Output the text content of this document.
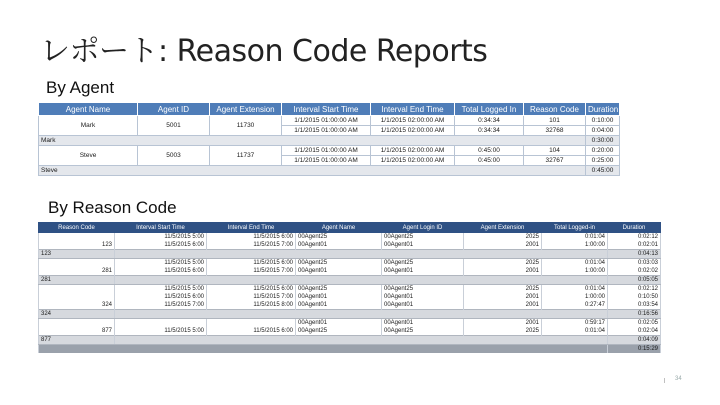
レポート: Reason Code Reports
By Agent
Agent Name	Agent ID	Agent Extension	Interval Start Time	Interval End Time	Total Logged In	Reason Code	Duration
Mark	5001	11730	1/1/2015 01:00:00 AM	1/1/2015 02:00:00 AM	0:34:34	101	0:10:00
			1/1/2015 01:00:00 AM	1/1/2015 02:00:00 AM	0:34:34	32768	0:04:00
Mark							0:30:00
Steve	5003	11737	1/1/2015 01:00:00 AM	1/1/2015 02:00:00 AM	0:45:00	104	0:20:00
			1/1/2015 01:00:00 AM	1/1/2015 02:00:00 AM	0:45:00	32767	0:25:00
Steve							0:45:00
By Reason Code
Reason Code	Interval Start Time	Interval End Time	Agent Name	Agent Login ID	Agent Extension	Total Logged-in	Duration
	11/5/2015 5:00	11/5/2015 6:00	00Agent25	00Agent25	2025	0:01:04	0:02:12
123	11/5/2015 6:00	11/5/2015 7:00	00Agent01	00Agent01	2001	1:00:00	0:02:01
123							0:04:13
	11/5/2015 5:00	11/5/2015 6:00	00Agent25	00Agent25	2025	0:01:04	0:03:03
281	11/5/2015 6:00	11/5/2015 7:00	00Agent01	00Agent01	2001	1:00:00	0:02:02
281							0:05:05
	11/5/2015 5:00	11/5/2015 6:00	00Agent25	00Agent25	2025	0:01:04	0:02:12
	11/5/2015 6:00	11/5/2015 7:00	00Agent01	00Agent01	2001	1:00:00	0:10:50
324	11/5/2015 7:00	11/5/2015 8:00	00Agent01	00Agent01	2001	0:27:47	0:03:54
324							0:16:56
			00Agent01	00Agent01	2001	0:59:17	0:02:05
877	11/5/2015 5:00	11/5/2015 6:00	00Agent25	00Agent25	2025	0:01:04	0:02:04
877							0:04:09
							0:15:29
34
